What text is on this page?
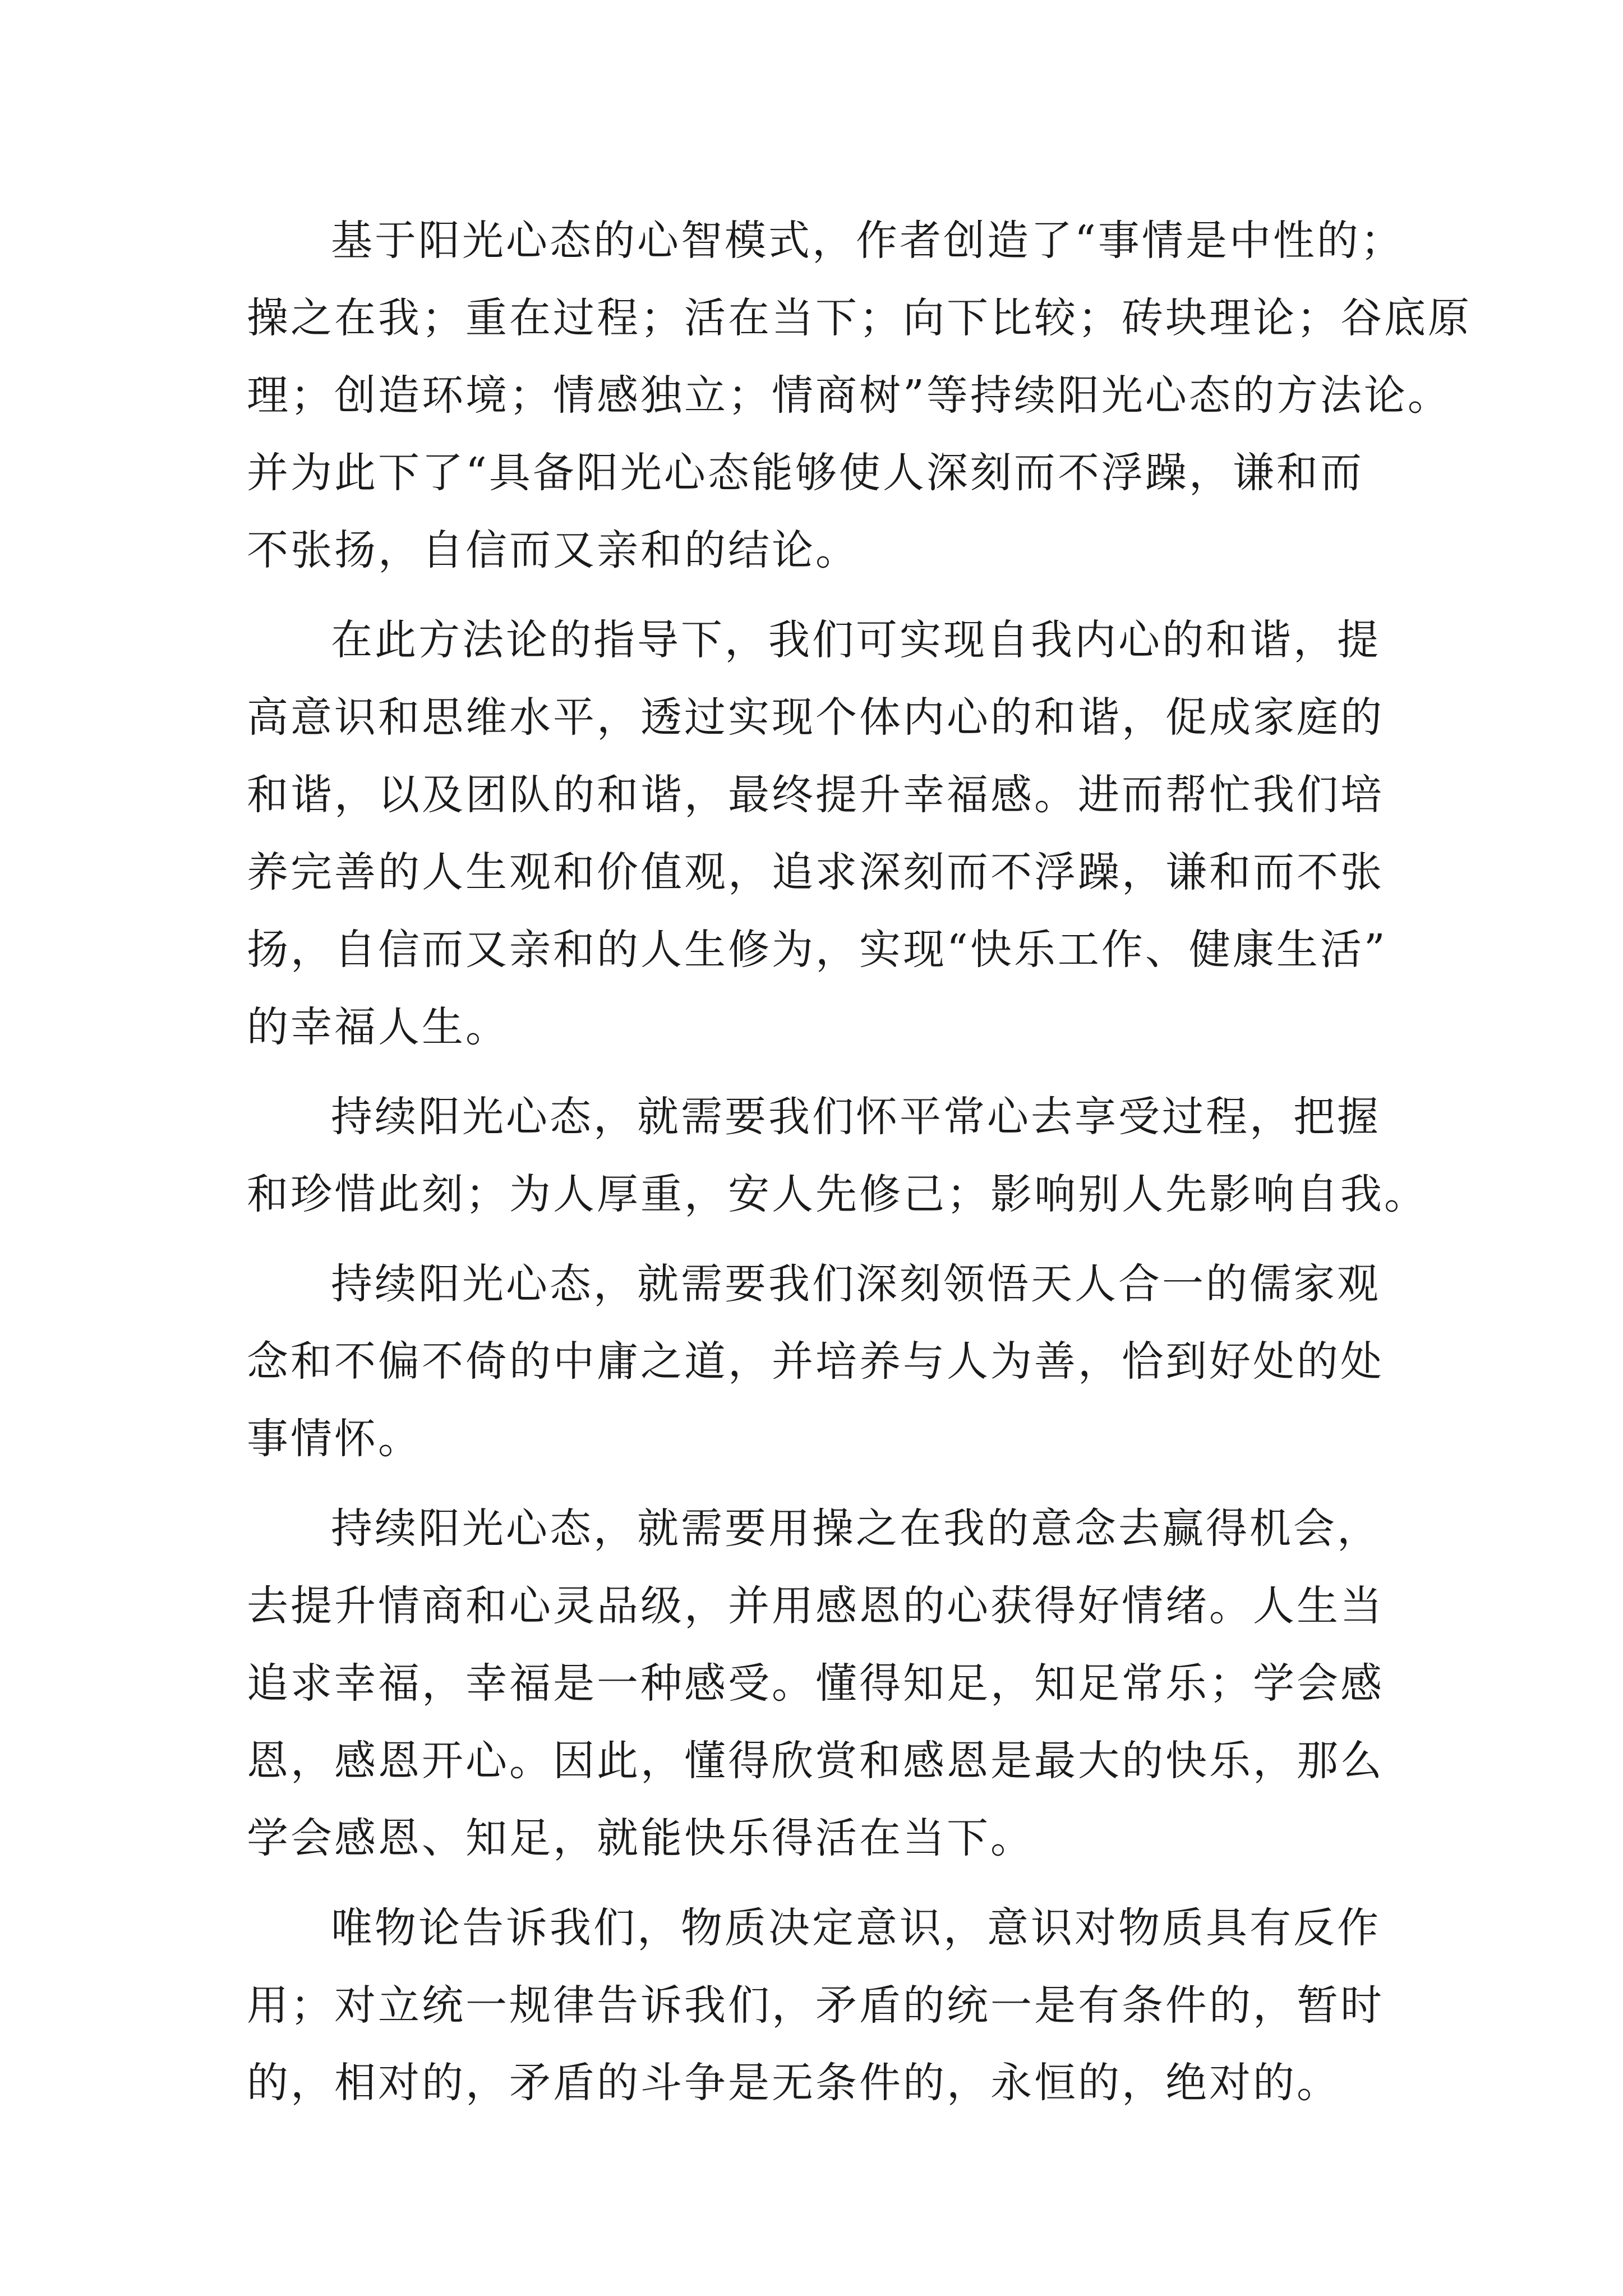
基于阳光心态的心智模式，作者创造了“事情是中性的；
操之在我；重在过程；活在当下；向下比较；砖块理论；谷底原
理；创造环境；情感独立；情商树”等持续阳光心态的方法论。
并为此下了“具备阳光心态能够使人深刻而不浮躁，谦和而
不张扬，自信而又亲和的结论。
在此方法论的指导下，我们可实现自我内心的和谐，提
高意识和思维水平，透过实现个体内心的和谐，促成家庭的
和谐，以及团队的和谐，最终提升幸福感。进而帮忙我们培
养完善的人生观和价值观，追求深刻而不浮躁，谦和而不张
扬，自信而又亲和的人生修为，实现“快乐工作、健康生活”
的幸福人生。
持续阳光心态，就需要我们怀平常心去享受过程，把握
和珍惜此刻；为人厚重，安人先修己；影响别人先影响自我。
持续阳光心态，就需要我们深刻领悟天人合一的儒家观
念和不偏不倚的中庸之道，并培养与人为善，恰到好处的处
事情怀。
持续阳光心态，就需要用操之在我的意念去赢得机会，
去提升情商和心灵品级，并用感恩的心获得好情绪。人生当
追求幸福，幸福是一种感受。懂得知足，知足常乐；学会感
恩，感恩开心。因此，懂得欣赏和感恩是最大的快乐，那么
学会感恩、知足，就能快乐得活在当下。
唯物论告诉我们，物质决定意识，意识对物质具有反作
用；对立统一规律告诉我们，矛盾的统一是有条件的，暂时
的，相对的，矛盾的斗争是无条件的，永恒的，绝对的。
